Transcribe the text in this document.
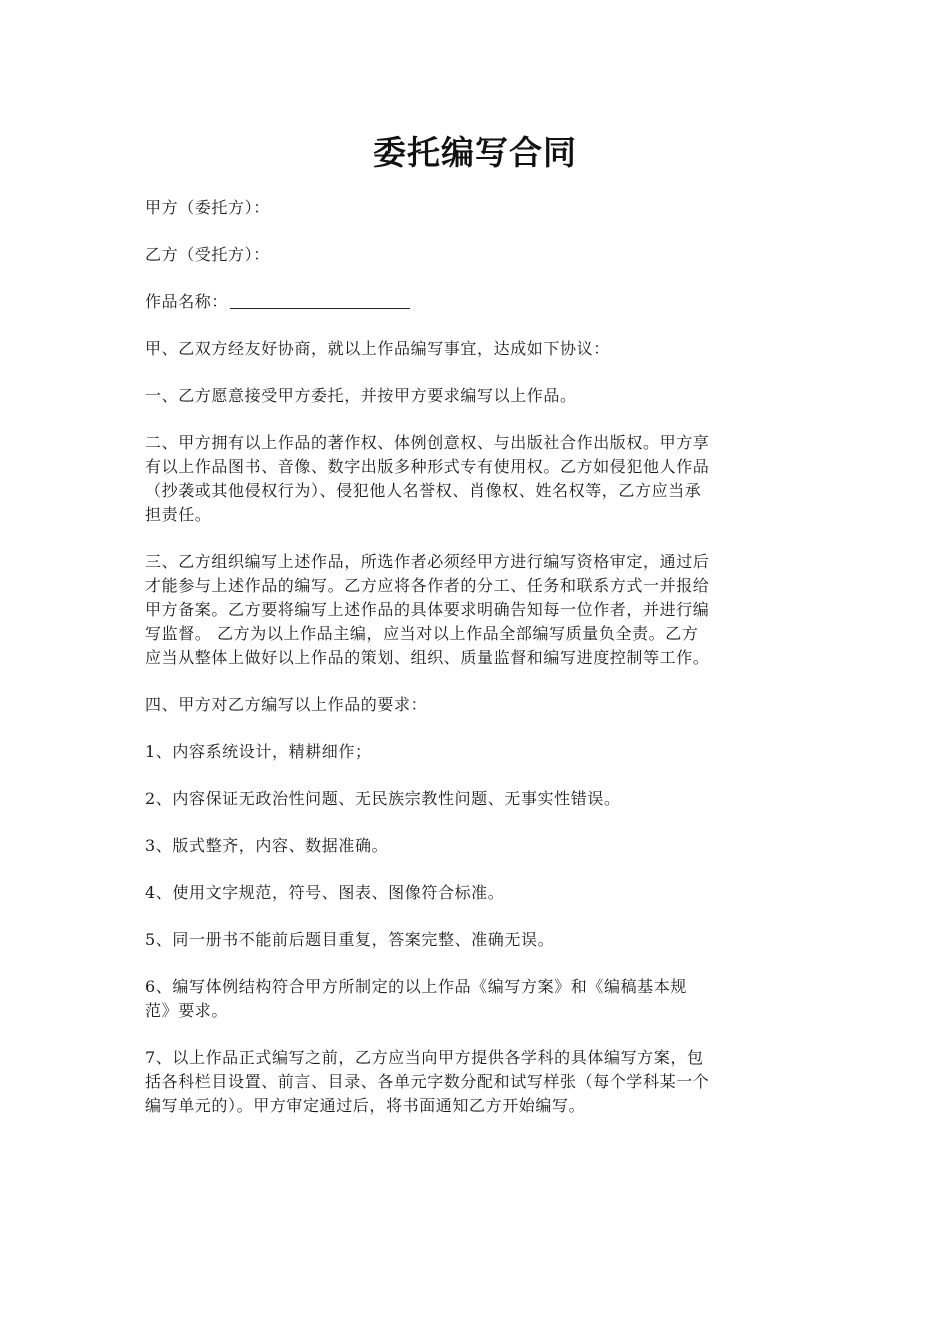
委托编写合同

甲方（委托方）：

乙方（受托方）：

作品名称：

甲、乙双方经友好协商，就以上作品编写事宜，达成如下协议：

一、乙方愿意接受甲方委托，并按甲方要求编写以上作品。

二、甲方拥有以上作品的著作权、体例创意权、与出版社合作出版权。甲方享
有以上作品图书、音像、数字出版多种形式专有使用权。乙方如侵犯他人作品
（抄袭或其他侵权行为）、侵犯他人名誉权、肖像权、姓名权等，乙方应当承
担责任。

三、乙方组织编写上述作品，所选作者必须经甲方进行编写资格审定，通过后
才能参与上述作品的编写。乙方应将各作者的分工、任务和联系方式一并报给
甲方备案。乙方要将编写上述作品的具体要求明确告知每一位作者，并进行编
写监督。 乙方为以上作品主编，应当对以上作品全部编写质量负全责。乙方
应当从整体上做好以上作品的策划、组织、质量监督和编写进度控制等工作。

四、甲方对乙方编写以上作品的要求：

1、内容系统设计，精耕细作；

2、内容保证无政治性问题、无民族宗教性问题、无事实性错误。

3、版式整齐，内容、数据准确。

4、使用文字规范，符号、图表、图像符合标准。

5、同一册书不能前后题目重复，答案完整、准确无误。

6、编写体例结构符合甲方所制定的以上作品《编写方案》和《编稿基本规
范》要求。

7、以上作品正式编写之前，乙方应当向甲方提供各学科的具体编写方案，包
括各科栏目设置、前言、目录、各单元字数分配和试写样张（每个学科某一个
编写单元的）。甲方审定通过后，将书面通知乙方开始编写。
